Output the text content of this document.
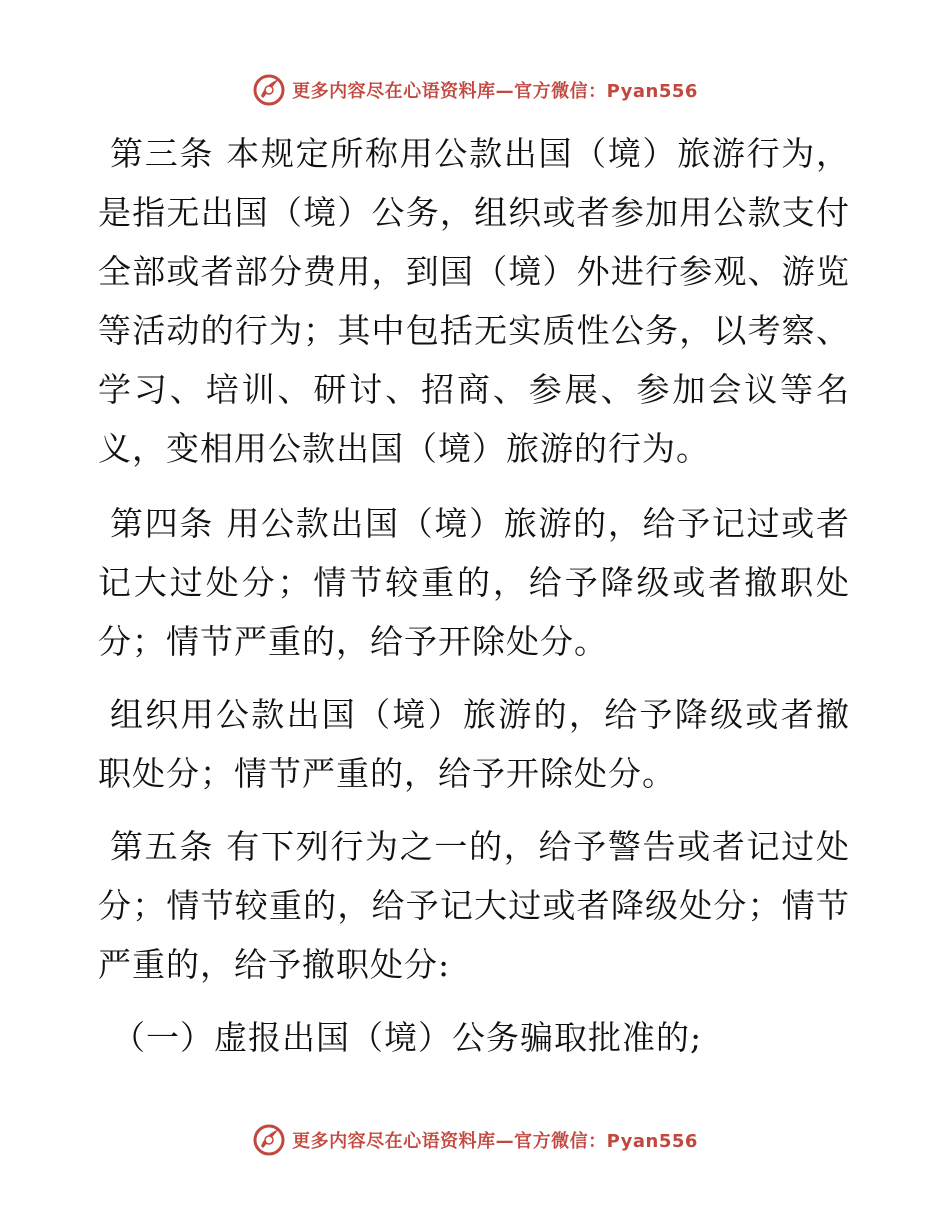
更多内容尽在心语资料库—官方微信：Pyan556

第三条 本规定所称用公款出国（境）旅游行为，是指无出国（境）公务，组织或者参加用公款支付全部或者部分费用，到国（境）外进行参观、游览等活动的行为；其中包括无实质性公务，以考察、学习、培训、研讨、招商、参展、参加会议等名义，变相用公款出国（境）旅游的行为。

第四条 用公款出国（境）旅游的，给予记过或者记大过处分；情节较重的，给予降级或者撤职处分；情节严重的，给予开除处分。

组织用公款出国（境）旅游的，给予降级或者撤职处分；情节严重的，给予开除处分。

第五条 有下列行为之一的，给予警告或者记过处分；情节较重的，给予记大过或者降级处分；情节严重的，给予撤职处分:

（一）虚报出国（境）公务骗取批准的;

更多内容尽在心语资料库—官方微信：Pyan556
